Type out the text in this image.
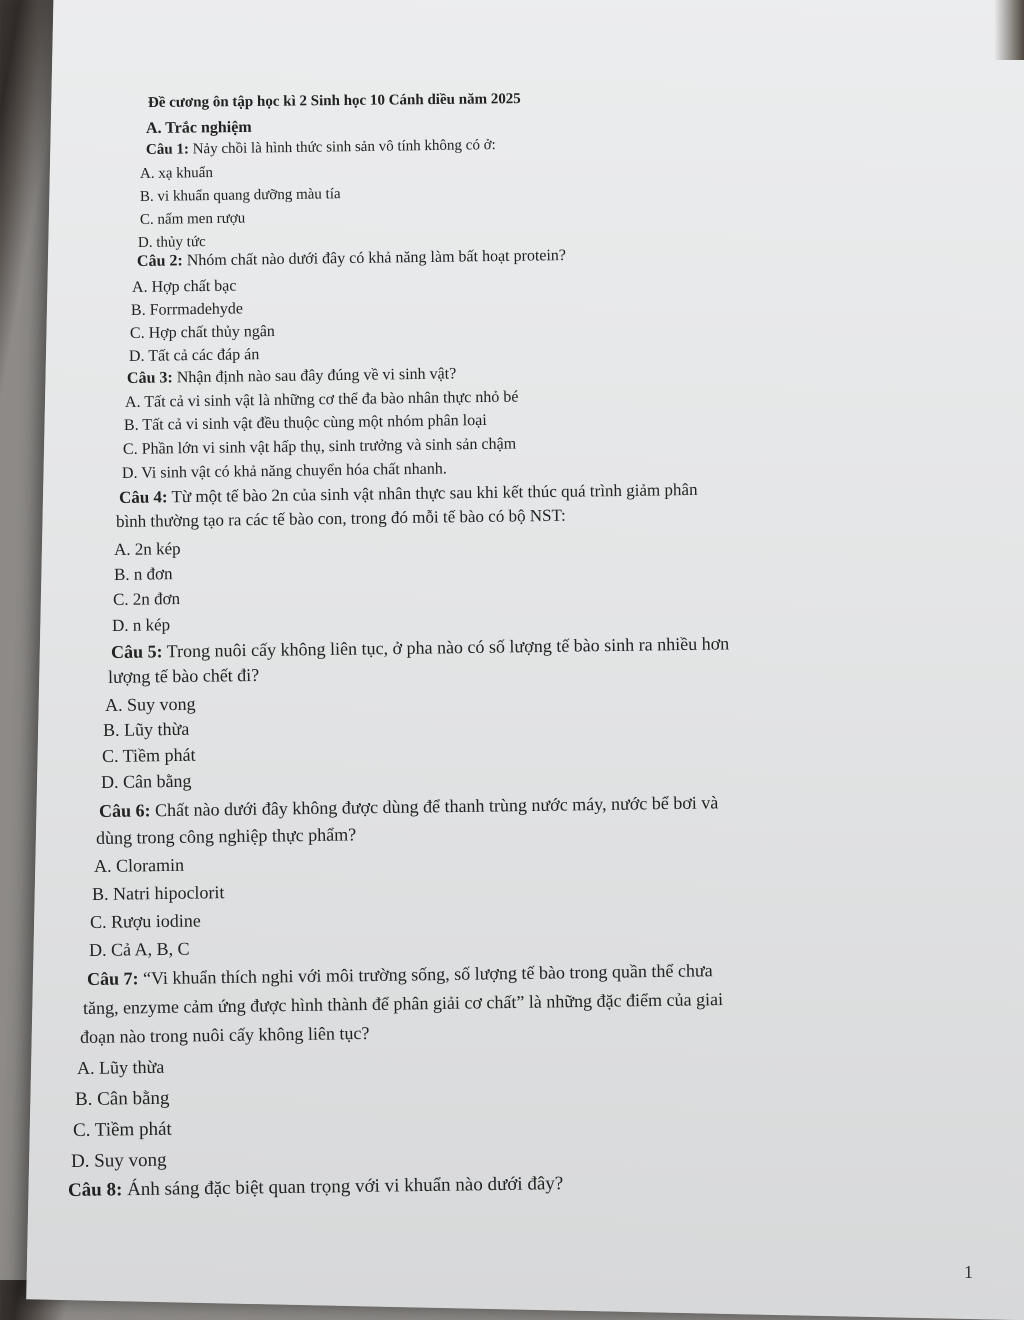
Đề cương ôn tập học kì 2 Sinh học 10 Cánh diều năm 2025
A. Trắc nghiệm
Câu 1: Nảy chồi là hình thức sinh sản vô tính không có ở:
A. xạ khuẩn
B. vi khuẩn quang dưỡng màu tía
C. nấm men rượu
D. thủy tức
Câu 2: Nhóm chất nào dưới đây có khả năng làm bất hoạt protein?
A. Hợp chất bạc
B. Forrmadehyde
C. Hợp chất thủy ngân
D. Tất cả các đáp án
Câu 3: Nhận định nào sau đây đúng về vi sinh vật?
A. Tất cả vi sinh vật là những cơ thể đa bào nhân thực nhỏ bé
B. Tất cả vi sinh vật đều thuộc cùng một nhóm phân loại
C. Phần lớn vi sinh vật hấp thụ, sinh trưởng và sinh sản chậm
D. Vi sinh vật có khả năng chuyển hóa chất nhanh.
Câu 4: Từ một tế bào 2n của sinh vật nhân thực sau khi kết thúc quá trình giảm phân
bình thường tạo ra các tế bào con, trong đó mỗi tế bào có bộ NST:
A. 2n kép
B. n đơn
C. 2n đơn
D. n kép
Câu 5: Trong nuôi cấy không liên tục, ở pha nào có số lượng tế bào sinh ra nhiều hơn
lượng tế bào chết đi?
A. Suy vong
B. Lũy thừa
C. Tiềm phát
D. Cân bằng
Câu 6: Chất nào dưới đây không được dùng để thanh trùng nước máy, nước bể bơi và
dùng trong công nghiệp thực phẩm?
A. Cloramin
B. Natri hipoclorit
C. Rượu iodine
D. Cả A, B, C
Câu 7: “Vi khuẩn thích nghi với môi trường sống, số lượng tế bào trong quần thể chưa
tăng, enzyme cảm ứng được hình thành để phân giải cơ chất” là những đặc điểm của giai
đoạn nào trong nuôi cấy không liên tục?
A. Lũy thừa
B. Cân bằng
C. Tiềm phát
D. Suy vong
Câu 8: Ánh sáng đặc biệt quan trọng với vi khuẩn nào dưới đây?
1
